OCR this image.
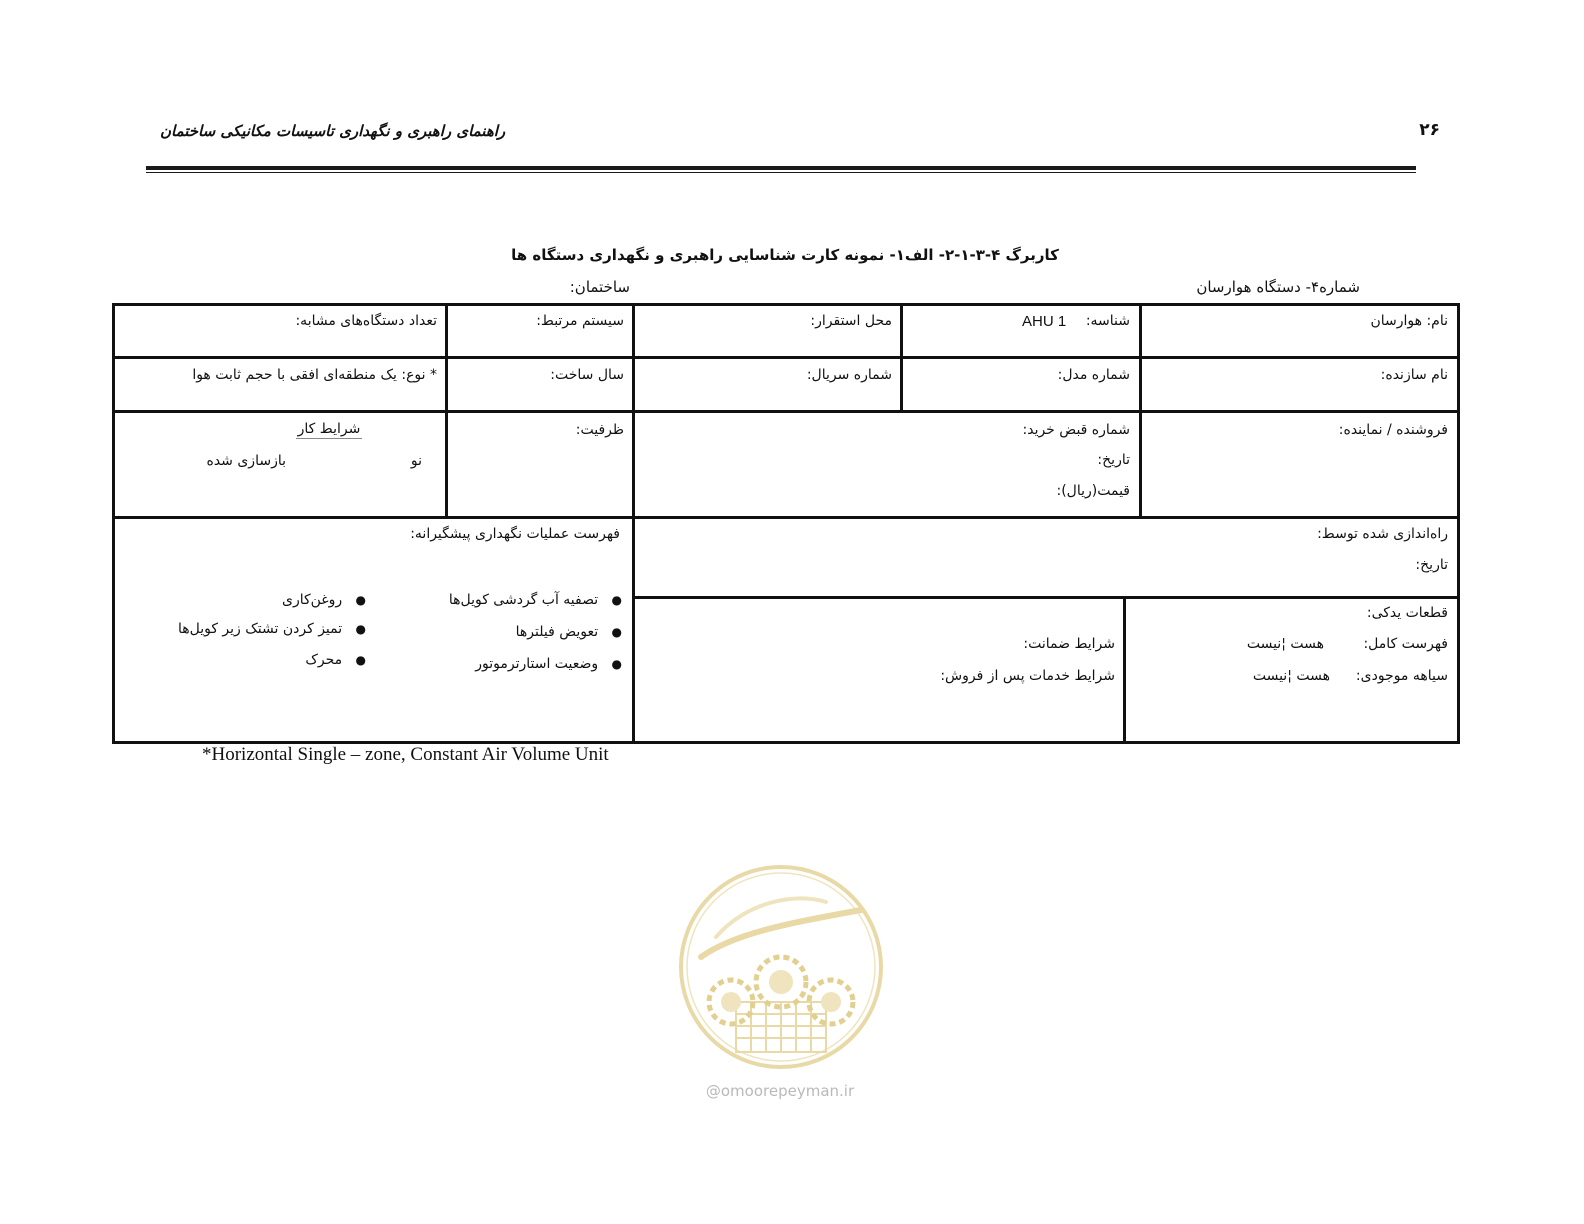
راهنمای راهبری و نگهداری تاسیسات مکانیکی ساختمان	۲۶
کاربرگ ۴-۳-۱-۲- الف۱- نمونه کارت شناسایی راهبری و نگهداری دستگاه ها
ساختمان:	شماره۴- دستگاه هوارسان
نام: هوارسان
شناسه:
AHU 1
محل استقرار:
سیستم مرتبط:
تعداد دستگاه‌های مشابه:
نام سازنده:
شماره مدل:
شماره سریال:
سال ساخت:
* نوع: یک منطقه‌ای افقی با حجم ثابت هوا
فروشنده / نماینده:
شماره قبض خرید:
تاریخ:
قیمت(ریال):
ظرفیت:
شرایط کار
نو
بازسازی شده
راه‌اندازی شده توسط:
تاریخ:
قطعات یدکی:
فهرست کامل:
هست ¦نیست
سیاهه موجودی:
هست ¦نیست
شرایط ضمانت:
شرایط خدمات پس از فروش:
فهرست عملیات نگهداری پیشگیرانه:
●   تصفیه آب گردشی کویل‌ها
●   تعویض فیلترها
●   وضعیت استارترموتور
●   روغن‌کاری
●   تمیز کردن تشتک زیر کویل‌ها
●   محرک
*Horizontal Single – zone, Constant Air Volume Unit
@omoorepeyman.ir
